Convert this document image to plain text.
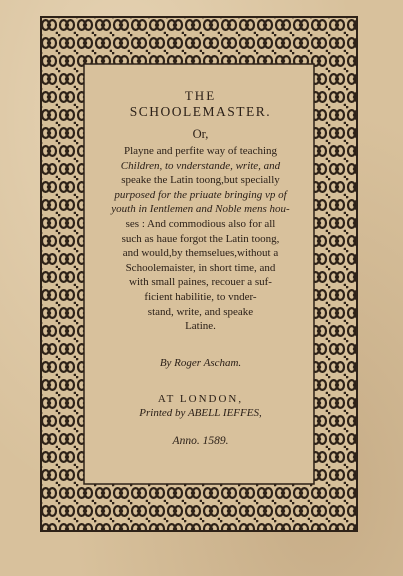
THE
SCHOOLEMASTER.
Or,
Playne and perfite way of teaching
Children, to vnderstande, write, and
speake the Latin toong,but specially
purposed for the priuate bringing vp of
youth in Ientlemen and Noble mens hou-
ses : And commodious also for all
such as haue forgot the Latin toong,
and would,by themselues,without a
Schoolemaister, in short time, and
with small paines, recouer a suf-
ficient habilitie, to vnder-
stand, write, and speake
Latine.
By Roger Ascham.
AT LONDON,
Printed by ABELL IEFFES,
Anno. 1589.
